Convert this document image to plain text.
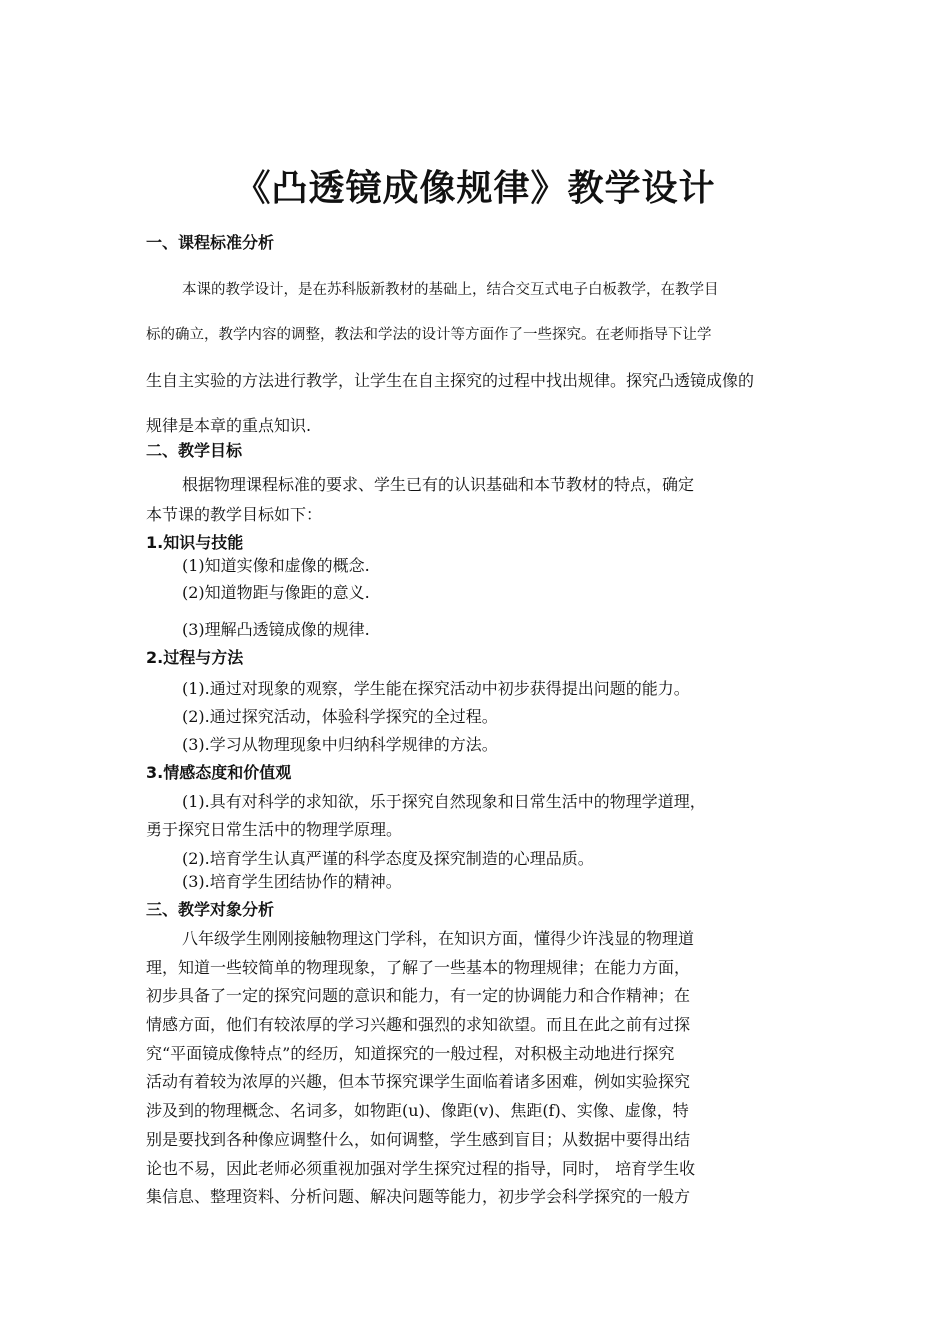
《凸透镜成像规律》教学设计
一、课程标准分析
本课的教学设计，是在苏科版新教材的基础上，结合交互式电子白板教学，在教学目
标的确立，教学内容的调整，教法和学法的设计等方面作了一些探究。在老师指导下让学
生自主实验的方法进行教学，让学生在自主探究的过程中找出规律。探究凸透镜成像的
规律是本章的重点知识.
二、教学目标
根据物理课程标准的要求、学生已有的认识基础和本节教材的特点，确定
本节课的教学目标如下：
1.知识与技能
(1)知道实像和虚像的概念.
(2)知道物距与像距的意义.
(3)理解凸透镜成像的规律.
2.过程与方法
(1).通过对现象的观察，学生能在探究活动中初步获得提出问题的能力。
(2).通过探究活动，体验科学探究的全过程。
(3).学习从物理现象中归纳科学规律的方法。
3.情感态度和价值观
(1).具有对科学的求知欲，乐于探究自然现象和日常生活中的物理学道理，
勇于探究日常生活中的物理学原理。
(2).培育学生认真严谨的科学态度及探究制造的心理品质。
(3).培育学生团结协作的精神。
三、教学对象分析
八年级学生刚刚接触物理这门学科，在知识方面，懂得少许浅显的物理道
理，知道一些较简单的物理现象，了解了一些基本的物理规律；在能力方面，
初步具备了一定的探究问题的意识和能力，有一定的协调能力和合作精神；在
情感方面，他们有较浓厚的学习兴趣和强烈的求知欲望。而且在此之前有过探
究“平面镜成像特点”的经历，知道探究的一般过程，对积极主动地进行探究
活动有着较为浓厚的兴趣，但本节探究课学生面临着诸多困难，例如实验探究
涉及到的物理概念、名词多，如物距(u)、像距(v)、焦距(f)、实像、虚像，特
别是要找到各种像应调整什么，如何调整，学生感到盲目；从数据中要得出结
论也不易，因此老师必须重视加强对学生探究过程的指导，同时， 培育学生收
集信息、整理资料、分析问题、解决问题等能力，初步学会科学探究的一般方
